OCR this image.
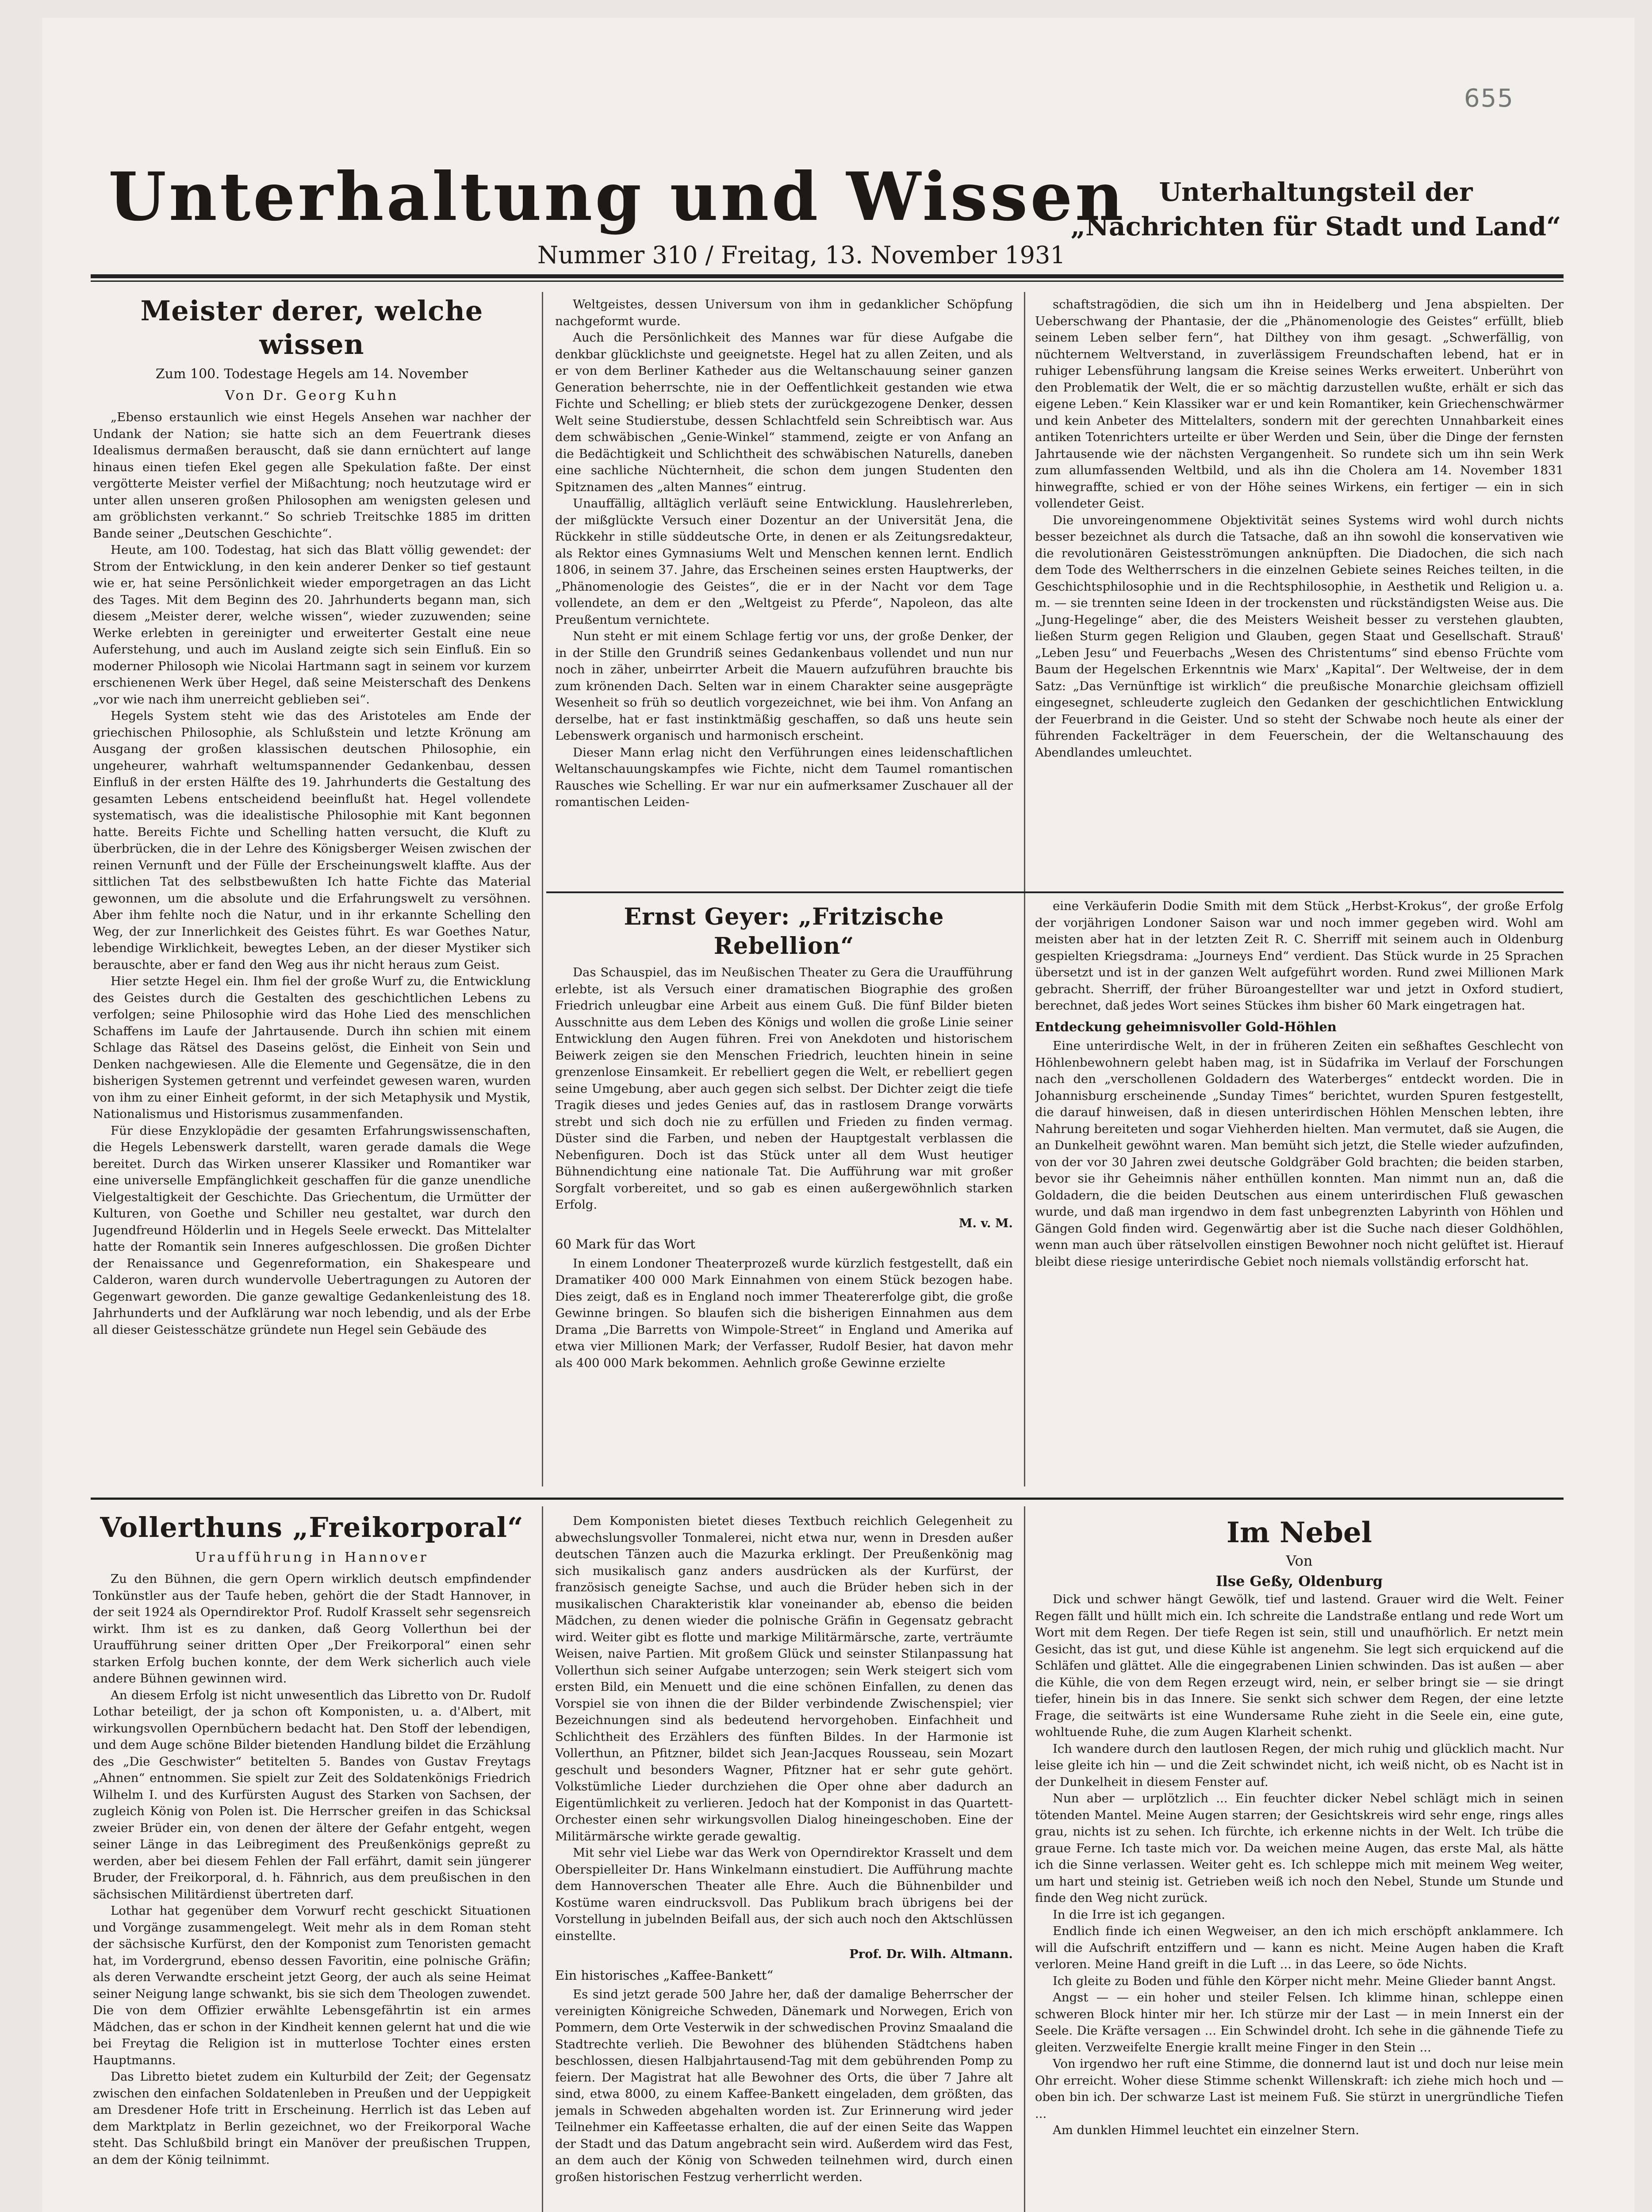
655
Unterhaltung und Wissen	Unterhaltungsteil der
„Nachrichten für Stadt und Land“
Nummer 310 / Freitag, 13. November 1931
Meister derer, welche wissen
Zum 100. Todestage Hegels am 14. November
Von Dr. Georg Kuhn

„Ebenso erstaunlich wie einst Hegels Ansehen war nachher der Undank der Nation; sie hatte sich an dem Feuertrank dieses Idealismus dermaßen berauscht, daß sie dann ernüchtert auf lange hinaus einen tiefen Ekel gegen alle Spekulation faßte. Der einst vergötterte Meister verfiel der Mißachtung; noch heutzutage wird er unter allen unseren großen Philosophen am wenigsten gelesen und am gröblichsten verkannt.“ So schrieb Treitschke 1885 im dritten Bande seiner „Deutschen Geschichte“.

Heute, am 100. Todestag, hat sich das Blatt völlig gewendet: der Strom der Entwicklung, in den kein anderer Denker so tief gestaunt wie er, hat seine Persönlichkeit wieder emporgetragen an das Licht des Tages. Mit dem Beginn des 20. Jahrhunderts begann man, sich diesem „Meister derer, welche wissen“, wieder zuzuwenden; seine Werke erlebten in gereinigter und erweiterter Gestalt eine neue Auferstehung, und auch im Ausland zeigte sich sein Einfluß. Ein so moderner Philosoph wie Nicolai Hartmann sagt in seinem vor kurzem erschienenen Werk über Hegel, daß seine Meisterschaft des Denkens „vor wie nach ihm unerreicht geblieben sei“.

Hegels System steht wie das des Aristoteles am Ende der griechischen Philosophie, als Schlußstein und letzte Krönung am Ausgang der großen klassischen deutschen Philosophie, ein ungeheurer, wahrhaft weltumspannender Gedankenbau, dessen Einfluß in der ersten Hälfte des 19. Jahrhunderts die Gestaltung des gesamten Lebens entscheidend beeinflußt hat. Hegel vollendete systematisch, was die idealistische Philosophie mit Kant begonnen hatte. Bereits Fichte und Schelling hatten versucht, die Kluft zu überbrücken, die in der Lehre des Königsberger Weisen zwischen der reinen Vernunft und der Fülle der Erscheinungswelt klaffte. Aus der sittlichen Tat des selbstbewußten Ich hatte Fichte das Material gewonnen, um die absolute und die Erfahrungswelt zu versöhnen. Aber ihm fehlte noch die Natur, und in ihr erkannte Schelling den Weg, der zur Innerlichkeit des Geistes führt. Es war Goethes Natur, lebendige Wirklichkeit, bewegtes Leben, an der dieser Mystiker sich berauschte, aber er fand den Weg aus ihr nicht heraus zum Geist.

Hier setzte Hegel ein. Ihm fiel der große Wurf zu, die Entwicklung des Geistes durch die Gestalten des geschichtlichen Lebens zu verfolgen; seine Philosophie wird das Hohe Lied des menschlichen Schaffens im Laufe der Jahrtausende. Durch ihn schien mit einem Schlage das Rätsel des Daseins gelöst, die Einheit von Sein und Denken nachgewiesen. Alle die Elemente und Gegensätze, die in den bisherigen Systemen getrennt und verfeindet gewesen waren, wurden von ihm zu einer Einheit geformt, in der sich Metaphysik und Mystik, Nationalismus und Historismus zusammenfanden.

Für diese Enzyklopädie der gesamten Erfahrungswissenschaften, die Hegels Lebenswerk darstellt, waren gerade damals die Wege bereitet. Durch das Wirken unserer Klassiker und Romantiker war eine universelle Empfänglichkeit geschaffen für die ganze unendliche Vielgestaltigkeit der Geschichte. Das Griechentum, die Urmütter der Kulturen, von Goethe und Schiller neu gestaltet, war durch den Jugendfreund Hölderlin und in Hegels Seele erweckt. Das Mittelalter hatte der Romantik sein Inneres aufgeschlossen. Die großen Dichter der Renaissance und Gegenreformation, ein Shakespeare und Calderon, waren durch wundervolle Uebertragungen zu Autoren der Gegenwart geworden. Die ganze gewaltige Gedankenleistung des 18. Jahrhunderts und der Aufklärung war noch lebendig, und als der Erbe all dieser Geistesschätze gründete nun Hegel sein Gebäude des

Weltgeistes, dessen Universum von ihm in gedanklicher Schöpfung nachgeformt wurde.

Auch die Persönlichkeit des Mannes war für diese Aufgabe die denkbar glücklichste und geeignetste. Hegel hat zu allen Zeiten, und als er von dem Berliner Katheder aus die Weltanschauung seiner ganzen Generation beherrschte, nie in der Oeffentlichkeit gestanden wie etwa Fichte und Schelling; er blieb stets der zurückgezogene Denker, dessen Welt seine Studierstube, dessen Schlachtfeld sein Schreibtisch war. Aus dem schwäbischen „Genie-Winkel“ stammend, zeigte er von Anfang an die Bedächtigkeit und Schlichtheit des schwäbischen Naturells, daneben eine sachliche Nüchternheit, die schon dem jungen Studenten den Spitznamen des „alten Mannes“ eintrug.

Unauffällig, alltäglich verläuft seine Entwicklung. Hauslehrerleben, der mißglückte Versuch einer Dozentur an der Universität Jena, die Rückkehr in stille süddeutsche Orte, in denen er als Zeitungsredakteur, als Rektor eines Gymnasiums Welt und Menschen kennen lernt. Endlich 1806, in seinem 37. Jahre, das Erscheinen seines ersten Hauptwerks, der „Phänomenologie des Geistes“, die er in der Nacht vor dem Tage vollendete, an dem er den „Weltgeist zu Pferde“, Napoleon, das alte Preußentum vernichtete.

Nun steht er mit einem Schlage fertig vor uns, der große Denker, der in der Stille den Grundriß seines Gedankenbaus vollendet und nun nur noch in zäher, unbeirrter Arbeit die Mauern aufzuführen brauchte bis zum krönenden Dach. Selten war in einem Charakter seine ausgeprägte Wesenheit so früh so deutlich vorgezeichnet, wie bei ihm. Von Anfang an derselbe, hat er fast instinktmäßig geschaffen, so daß uns heute sein Lebenswerk organisch und harmonisch erscheint.

Dieser Mann erlag nicht den Verführungen eines leidenschaftlichen Weltanschauungskampfes wie Fichte, nicht dem Taumel romantischen Rausches wie Schelling. Er war nur ein aufmerksamer Zuschauer all der romantischen Leiden-

schaftstragödien, die sich um ihn in Heidelberg und Jena abspielten. Der Ueberschwang der Phantasie, der die „Phänomenologie des Geistes“ erfüllt, blieb seinem Leben selber fern“, hat Dilthey von ihm gesagt. „Schwerfällig, von nüchternem Weltverstand, in zuverlässigem Freundschaften lebend, hat er in ruhiger Lebensführung langsam die Kreise seines Werks erweitert. Unberührt von den Problematik der Welt, die er so mächtig darzustellen wußte, erhält er sich das eigene Leben.“ Kein Klassiker war er und kein Romantiker, kein Griechenschwärmer und kein Anbeter des Mittelalters, sondern mit der gerechten Unnahbarkeit eines antiken Totenrichters urteilte er über Werden und Sein, über die Dinge der fernsten Jahrtausende wie der nächsten Vergangenheit. So rundete sich um ihn sein Werk zum allumfassenden Weltbild, und als ihn die Cholera am 14. November 1831 hinwegraffte, schied er von der Höhe seines Wirkens, ein fertiger — ein in sich vollendeter Geist.

Die unvoreingenommene Objektivität seines Systems wird wohl durch nichts besser bezeichnet als durch die Tatsache, daß an ihn sowohl die konservativen wie die revolutionären Geistesströmungen anknüpften. Die Diadochen, die sich nach dem Tode des Weltherrschers in die einzelnen Gebiete seines Reiches teilten, in die Geschichtsphilosophie und in die Rechtsphilosophie, in Aesthetik und Religion u. a. m. — sie trennten seine Ideen in der trockensten und rückständigsten Weise aus. Die „Jung-Hegelinge“ aber, die des Meisters Weisheit besser zu verstehen glaubten, ließen Sturm gegen Religion und Glauben, gegen Staat und Gesellschaft. Strauß' „Leben Jesu“ und Feuerbachs „Wesen des Christentums“ sind ebenso Früchte vom Baum der Hegelschen Erkenntnis wie Marx' „Kapital“. Der Weltweise, der in dem Satz: „Das Vernünftige ist wirklich“ die preußische Monarchie gleichsam offiziell eingesegnet, schleuderte zugleich den Gedanken der geschichtlichen Entwicklung der Feuerbrand in die Geister. Und so steht der Schwabe noch heute als einer der führenden Fackelträger in dem Feuerschein, der die Weltanschauung des Abendlandes umleuchtet.

Ernst Geyer: „Fritzische Rebellion“

Das Schauspiel, das im Neußischen Theater zu Gera die Uraufführung erlebte, ist als Versuch einer dramatischen Biographie des großen Friedrich unleugbar eine Arbeit aus einem Guß. Die fünf Bilder bieten Ausschnitte aus dem Leben des Königs und wollen die große Linie seiner Entwicklung den Augen führen. Frei von Anekdoten und historischem Beiwerk zeigen sie den Menschen Friedrich, leuchten hinein in seine grenzenlose Einsamkeit. Er rebelliert gegen die Welt, er rebelliert gegen seine Umgebung, aber auch gegen sich selbst. Der Dichter zeigt die tiefe Tragik dieses und jedes Genies auf, das in rastlosem Drange vorwärts strebt und sich doch nie zu erfüllen und Frieden zu finden vermag. Düster sind die Farben, und neben der Hauptgestalt verblassen die Nebenfiguren. Doch ist das Stück unter all dem Wust heutiger Bühnendichtung eine nationale Tat. Die Aufführung war mit großer Sorgfalt vorbereitet, und so gab es einen außergewöhnlich starken Erfolg.

M. v. M.
60 Mark für das Wort

In einem Londoner Theaterprozeß wurde kürzlich festgestellt, daß ein Dramatiker 400 000 Mark Einnahmen von einem Stück bezogen habe. Dies zeigt, daß es in England noch immer Theatererfolge gibt, die große Gewinne bringen. So blaufen sich die bisherigen Einnahmen aus dem Drama „Die Barretts von Wimpole-Street“ in England und Amerika auf etwa vier Millionen Mark; der Verfasser, Rudolf Besier, hat davon mehr als 400 000 Mark bekommen. Aehnlich große Gewinne erzielte

eine Verkäuferin Dodie Smith mit dem Stück „Herbst-Krokus“, der große Erfolg der vorjährigen Londoner Saison war und noch immer gegeben wird. Wohl am meisten aber hat in der letzten Zeit R. C. Sherriff mit seinem auch in Oldenburg gespielten Kriegsdrama: „Journeys End“ verdient. Das Stück wurde in 25 Sprachen übersetzt und ist in der ganzen Welt aufgeführt worden. Rund zwei Millionen Mark gebracht. Sherriff, der früher Büroangestellter war und jetzt in Oxford studiert, berechnet, daß jedes Wort seines Stückes ihm bisher 60 Mark eingetragen hat.

Entdeckung geheimnisvoller Gold-Höhlen

Eine unterirdische Welt, in der in früheren Zeiten ein seßhaftes Geschlecht von Höhlenbewohnern gelebt haben mag, ist in Südafrika im Verlauf der Forschungen nach den „verschollenen Goldadern des Waterberges“ entdeckt worden. Die in Johannisburg erscheinende „Sunday Times“ berichtet, wurden Spuren festgestellt, die darauf hinweisen, daß in diesen unterirdischen Höhlen Menschen lebten, ihre Nahrung bereiteten und sogar Viehherden hielten. Man vermutet, daß sie Augen, die an Dunkelheit gewöhnt waren. Man bemüht sich jetzt, die Stelle wieder aufzufinden, von der vor 30 Jahren zwei deutsche Goldgräber Gold brachten; die beiden starben, bevor sie ihr Geheimnis näher enthüllen konnten. Man nimmt nun an, daß die Goldadern, die die beiden Deutschen aus einem unterirdischen Fluß gewaschen wurde, und daß man irgendwo in dem fast unbegrenzten Labyrinth von Höhlen und Gängen Gold finden wird. Gegenwärtig aber ist die Suche nach dieser Goldhöhlen, wenn man auch über rätselvollen einstigen Bewohner noch nicht gelüftet ist. Hierauf bleibt diese riesige unterirdische Gebiet noch niemals vollständig erforscht hat.

Vollerthuns „Freikorporal“
Uraufführung in Hannover

Zu den Bühnen, die gern Opern wirklich deutsch empfindender Tonkünstler aus der Taufe heben, gehört die der Stadt Hannover, in der seit 1924 als Operndirektor Prof. Rudolf Krasselt sehr segensreich wirkt. Ihm ist es zu danken, daß Georg Vollerthun bei der Uraufführung seiner dritten Oper „Der Freikorporal“ einen sehr starken Erfolg buchen konnte, der dem Werk sicherlich auch viele andere Bühnen gewinnen wird.

An diesem Erfolg ist nicht unwesentlich das Libretto von Dr. Rudolf Lothar beteiligt, der ja schon oft Komponisten, u. a. d'Albert, mit wirkungsvollen Opernbüchern bedacht hat. Den Stoff der lebendigen, und dem Auge schöne Bilder bietenden Handlung bildet die Erzählung des „Die Geschwister“ betitelten 5. Bandes von Gustav Freytags „Ahnen“ entnommen. Sie spielt zur Zeit des Soldatenkönigs Friedrich Wilhelm I. und des Kurfürsten August des Starken von Sachsen, der zugleich König von Polen ist. Die Herrscher greifen in das Schicksal zweier Brüder ein, von denen der ältere der Gefahr entgeht, wegen seiner Länge in das Leibregiment des Preußenkönigs gepreßt zu werden, aber bei diesem Fehlen der Fall erfährt, damit sein jüngerer Bruder, der Freikorporal, d. h. Fähnrich, aus dem preußischen in den sächsischen Militärdienst übertreten darf.

Lothar hat gegenüber dem Vorwurf recht geschickt Situationen und Vorgänge zusammengelegt. Weit mehr als in dem Roman steht der sächsische Kurfürst, den der Komponist zum Tenoristen gemacht hat, im Vordergrund, ebenso dessen Favoritin, eine polnische Gräfin; als deren Verwandte erscheint jetzt Georg, der auch als seine Heimat seiner Neigung lange schwankt, bis sie sich dem Theologen zuwendet. Die von dem Offizier erwählte Lebensgefährtin ist ein armes Mädchen, das er schon in der Kindheit kennen gelernt hat und die wie bei Freytag die Religion ist in mutterlose Tochter eines ersten Hauptmanns.

Das Libretto bietet zudem ein Kulturbild der Zeit; der Gegensatz zwischen den einfachen Soldatenleben in Preußen und der Ueppigkeit am Dresdener Hofe tritt in Erscheinung. Herrlich ist das Leben auf dem Marktplatz in Berlin gezeichnet, wo der Freikorporal Wache steht. Das Schlußbild bringt ein Manöver der preußischen Truppen, an dem der König teilnimmt.

Dem Komponisten bietet dieses Textbuch reichlich Gelegenheit zu abwechslungsvoller Tonmalerei, nicht etwa nur, wenn in Dresden außer deutschen Tänzen auch die Mazurka erklingt. Der Preußenkönig mag sich musikalisch ganz anders ausdrücken als der Kurfürst, der französisch geneigte Sachse, und auch die Brüder heben sich in der musikalischen Charakteristik klar voneinander ab, ebenso die beiden Mädchen, zu denen wieder die polnische Gräfin in Gegensatz gebracht wird. Weiter gibt es flotte und markige Militärmärsche, zarte, verträumte Weisen, naive Partien. Mit großem Glück und seinster Stilanpassung hat Vollerthun sich seiner Aufgabe unterzogen; sein Werk steigert sich vom ersten Bild, ein Menuett und die eine schönen Einfallen, zu denen das Vorspiel sie von ihnen die der Bilder verbindende Zwischenspiel; vier Bezeichnungen sind als bedeutend hervorgehoben. Einfachheit und Schlichtheit des Erzählers des fünften Bildes. In der Harmonie ist Vollerthun, an Pfitzner, bildet sich Jean-Jacques Rousseau, sein Mozart geschult und besonders Wagner, Pfitzner hat er sehr gute gehört. Volkstümliche Lieder durchziehen die Oper ohne aber dadurch an Eigentümlichkeit zu verlieren. Jedoch hat der Komponist in das Quartett-Orchester einen sehr wirkungsvollen Dialog hineingeschoben. Eine der Militärmärsche wirkte gerade gewaltig.

Mit sehr viel Liebe war das Werk von Operndirektor Krasselt und dem Oberspielleiter Dr. Hans Winkelmann einstudiert. Die Aufführung machte dem Hannoverschen Theater alle Ehre. Auch die Bühnenbilder und Kostüme waren eindrucksvoll. Das Publikum brach übrigens bei der Vorstellung in jubelnden Beifall aus, der sich auch noch den Aktschlüssen einstellte.

Prof. Dr. Wilh. Altmann.
Ein historisches „Kaffee-Bankett“

Es sind jetzt gerade 500 Jahre her, daß der damalige Beherrscher der vereinigten Königreiche Schweden, Dänemark und Norwegen, Erich von Pommern, dem Orte Vesterwik in der schwedischen Provinz Smaaland die Stadtrechte verlieh. Die Bewohner des blühenden Städtchens haben beschlossen, diesen Halbjahrtausend-Tag mit dem gebührenden Pomp zu feiern. Der Magistrat hat alle Bewohner des Orts, die über 7 Jahre alt sind, etwa 8000, zu einem Kaffee-Bankett eingeladen, dem größten, das jemals in Schweden abgehalten worden ist. Zur Erinnerung wird jeder Teilnehmer ein Kaffeetasse erhalten, die auf der einen Seite das Wappen der Stadt und das Datum angebracht sein wird. Außerdem wird das Fest, an dem auch der König von Schweden teilnehmen wird, durch einen großen historischen Festzug verherrlicht werden.

Im Nebel
Von
Ilse Geßy, Oldenburg

Dick und schwer hängt Gewölk, tief und lastend. Grauer wird die Welt. Feiner Regen fällt und hüllt mich ein. Ich schreite die Landstraße entlang und rede Wort um Wort mit dem Regen. Der tiefe Regen ist sein, still und unaufhörlich. Er netzt mein Gesicht, das ist gut, und diese Kühle ist angenehm. Sie legt sich erquickend auf die Schläfen und glättet. Alle die eingegrabenen Linien schwinden. Das ist außen — aber die Kühle, die von dem Regen erzeugt wird, nein, er selber bringt sie — sie dringt tiefer, hinein bis in das Innere. Sie senkt sich schwer dem Regen, der eine letzte Frage, die seitwärts ist eine Wundersame Ruhe zieht in die Seele ein, eine gute, wohltuende Ruhe, die zum Augen Klarheit schenkt.

Ich wandere durch den lautlosen Regen, der mich ruhig und glücklich macht. Nur leise gleite ich hin — und die Zeit schwindet nicht, ich weiß nicht, ob es Nacht ist in der Dunkelheit in diesem Fenster auf.

Nun aber — urplötzlich ... Ein feuchter dicker Nebel schlägt mich in seinen tötenden Mantel. Meine Augen starren; der Gesichtskreis wird sehr enge, rings alles grau, nichts ist zu sehen. Ich fürchte, ich erkenne nichts in der Welt. Ich trübe die graue Ferne. Ich taste mich vor. Da weichen meine Augen, das erste Mal, als hätte ich die Sinne verlassen. Weiter geht es. Ich schleppe mich mit meinem Weg weiter, um hart und steinig ist. Getrieben weiß ich noch den Nebel, Stunde um Stunde und finde den Weg nicht zurück.

In die Irre ist ich gegangen.

Endlich finde ich einen Wegweiser, an den ich mich erschöpft anklammere. Ich will die Aufschrift entziffern und — kann es nicht. Meine Augen haben die Kraft verloren. Meine Hand greift in die Luft ... in das Leere, so öde Nichts.

Ich gleite zu Boden und fühle den Körper nicht mehr. Meine Glieder bannt Angst.

Angst — — ein hoher und steiler Felsen. Ich klimme hinan, schleppe einen schweren Block hinter mir her. Ich stürze mir der Last — in mein Innerst ein der Seele. Die Kräfte versagen ... Ein Schwindel droht. Ich sehe in die gähnende Tiefe zu gleiten. Verzweifelte Energie krallt meine Finger in den Stein ...

Von irgendwo her ruft eine Stimme, die donnernd laut ist und doch nur leise mein Ohr erreicht. Woher diese Stimme schenkt Willenskraft: ich ziehe mich hoch und — oben bin ich. Der schwarze Last ist meinem Fuß. Sie stürzt in unergründliche Tiefen ...

Am dunklen Himmel leuchtet ein einzelner Stern.
